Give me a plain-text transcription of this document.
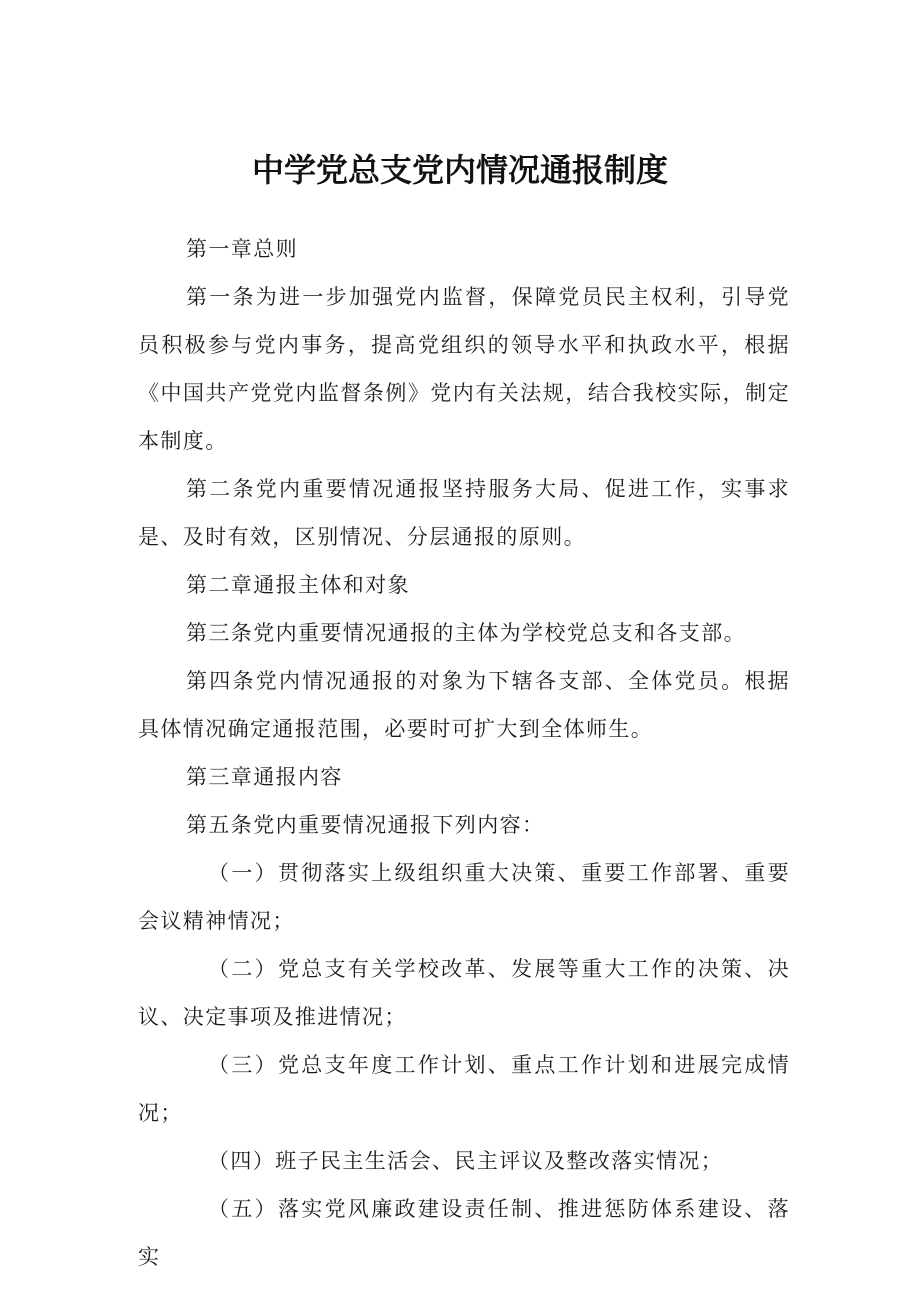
中学党总支党内情况通报制度

第一章总则

第一条为进一步加强党内监督，保障党员民主权利，引导党员积极参与党内事务，提高党组织的领导水平和执政水平，根据《中国共产党党内监督条例》党内有关法规，结合我校实际，制定本制度。

第二条党内重要情况通报坚持服务大局、促进工作，实事求是、及时有效，区别情况、分层通报的原则。

第二章通报主体和对象

第三条党内重要情况通报的主体为学校党总支和各支部。

第四条党内情况通报的对象为下辖各支部、全体党员。根据具体情况确定通报范围，必要时可扩大到全体师生。

第三章通报内容

第五条党内重要情况通报下列内容：

（一）贯彻落实上级组织重大决策、重要工作部署、重要会议精神情况；

（二）党总支有关学校改革、发展等重大工作的决策、决议、决定事项及推进情况；

（三）党总支年度工作计划、重点工作计划和进展完成情况；

（四）班子民主生活会、民主评议及整改落实情况；

（五）落实党风廉政建设责任制、推进惩防体系建设、落实
